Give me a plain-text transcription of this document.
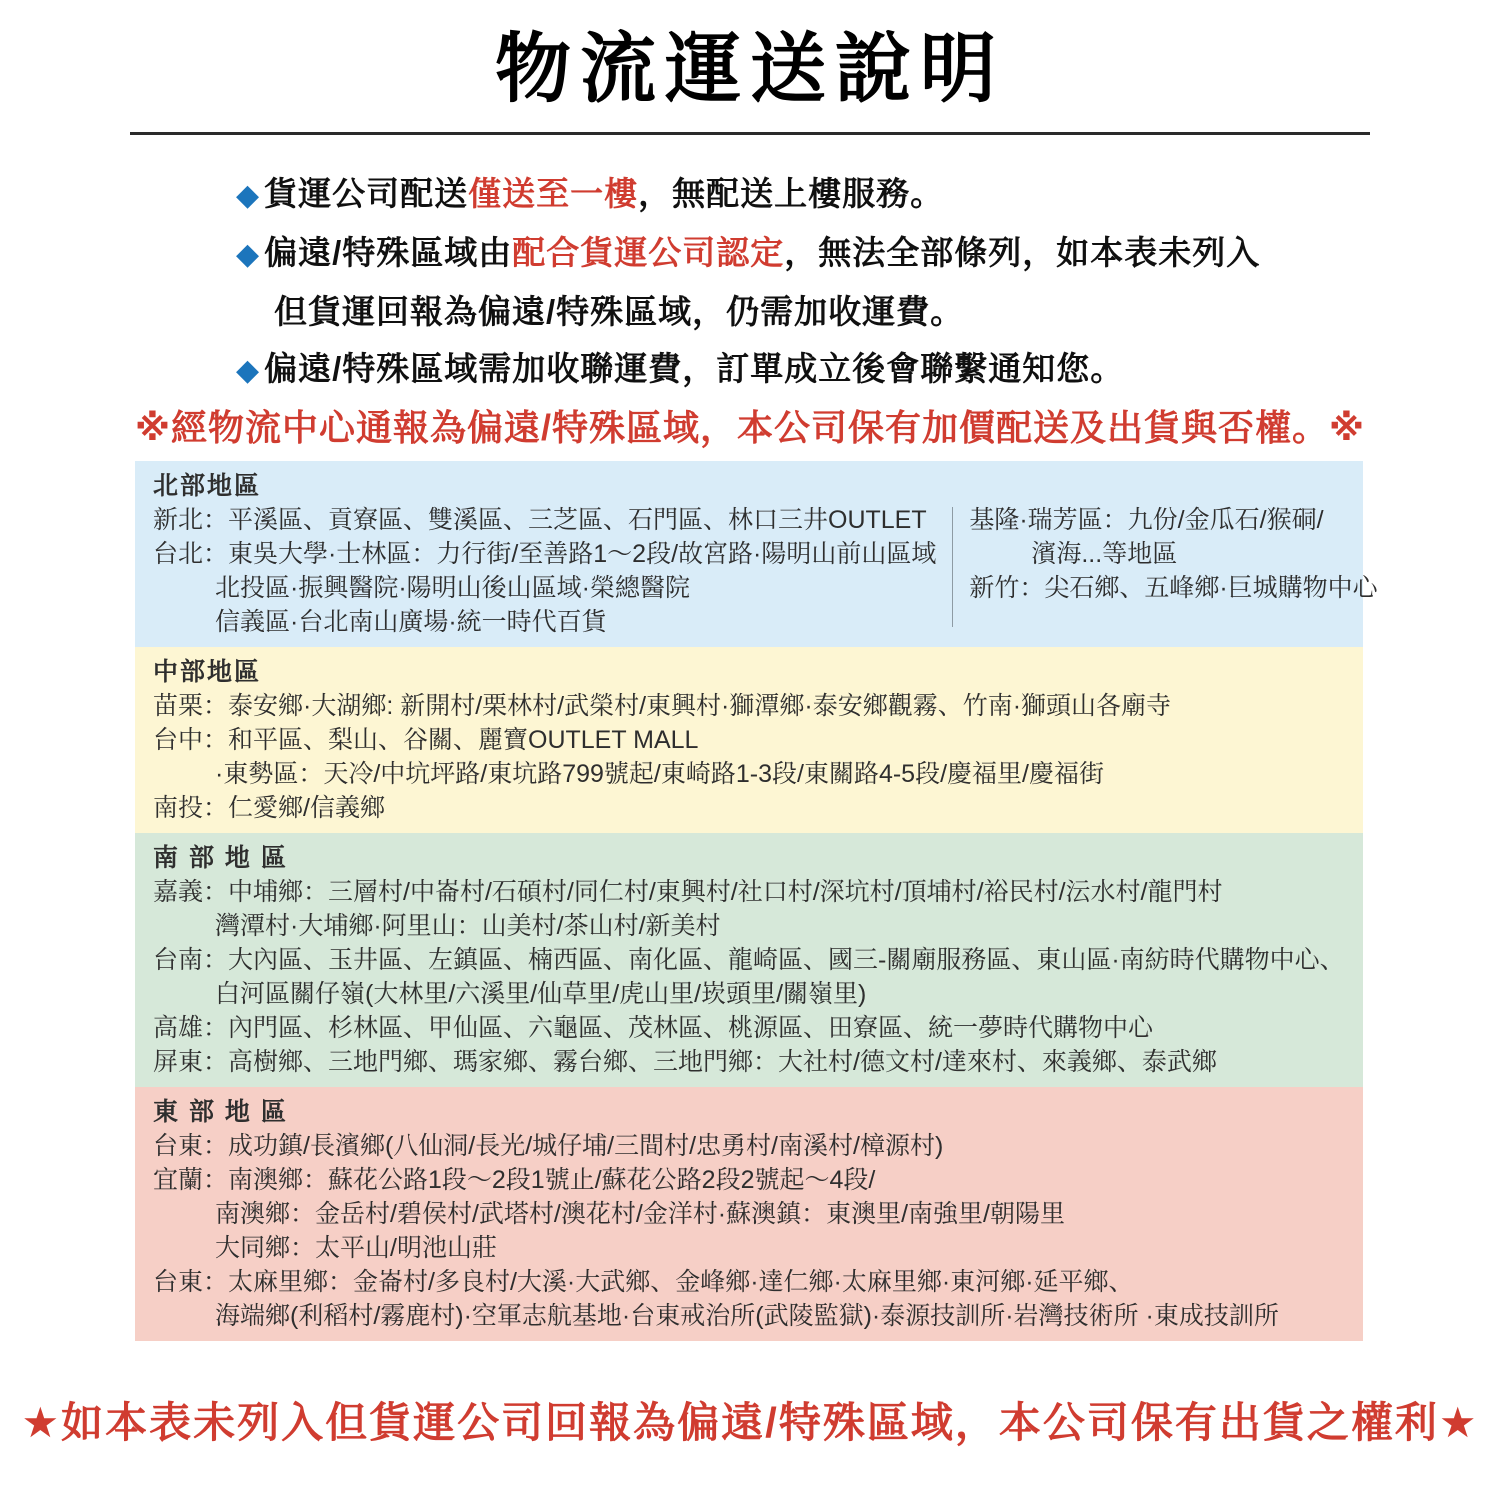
物流運送說明
◆ 貨運公司配送僅送至一樓，無配送上樓服務。
◆ 偏遠/特殊區域由配合貨運公司認定，無法全部條列，如本表未列入
但貨運回報為偏遠/特殊區域，仍需加收運費。
◆ 偏遠/特殊區域需加收聯運費，訂單成立後會聯繫通知您。
※經物流中心通報為偏遠/特殊區域，本公司保有加價配送及出貨與否權。※
北部地區
新北：平溪區、貢寮區、雙溪區、三芝區、石門區、林口三井OUTLET
台北：東吳大學·士林區：力行街/至善路1～2段/故宮路·陽明山前山區域
北投區·振興醫院·陽明山後山區域·榮總醫院
信義區·台北南山廣場·統一時代百貨
基隆·瑞芳區：九份/金瓜石/猴硐/
濱海...等地區
新竹：尖石鄉、五峰鄉·巨城購物中心
中部地區
苗栗：泰安鄉·大湖鄉: 新開村/栗林村/武榮村/東興村·獅潭鄉·泰安鄉觀霧、竹南·獅頭山各廟寺
台中：和平區、梨山、谷關、麗寶OUTLET MALL
·東勢區：天冷/中坑坪路/東坑路799號起/東崎路1-3段/東關路4-5段/慶福里/慶福街
南投：仁愛鄉/信義鄉
南 部 地 區
嘉義：中埔鄉：三層村/中崙村/石碩村/同仁村/東興村/社口村/深坑村/頂埔村/裕民村/沄水村/龍門村
灣潭村·大埔鄉·阿里山：山美村/茶山村/新美村
台南：大內區、玉井區、左鎮區、楠西區、南化區、龍崎區、國三-關廟服務區、東山區·南紡時代購物中心、
白河區關仔嶺(大林里/六溪里/仙草里/虎山里/崁頭里/關嶺里)
高雄：內門區、杉林區、甲仙區、六龜區、茂林區、桃源區、田寮區、統一夢時代購物中心
屏東：高樹鄉、三地門鄉、瑪家鄉、霧台鄉、三地門鄉：大社村/德文村/達來村、來義鄉、泰武鄉
東 部 地 區
台東：成功鎮/長濱鄉(八仙洞/長光/城仔埔/三間村/忠勇村/南溪村/樟源村)
宜蘭：南澳鄉：蘇花公路1段～2段1號止/蘇花公路2段2號起～4段/
南澳鄉：金岳村/碧侯村/武塔村/澳花村/金洋村·蘇澳鎮：東澳里/南強里/朝陽里
大同鄉：太平山/明池山莊
台東：太麻里鄉：金崙村/多良村/大溪·大武鄉、金峰鄉·達仁鄉·太麻里鄉·東河鄉·延平鄉、
海端鄉(利稻村/霧鹿村)·空軍志航基地·台東戒治所(武陵監獄)·泰源技訓所·岩灣技術所 ·東成技訓所
★如本表未列入但貨運公司回報為偏遠/特殊區域，本公司保有出貨之權利★
